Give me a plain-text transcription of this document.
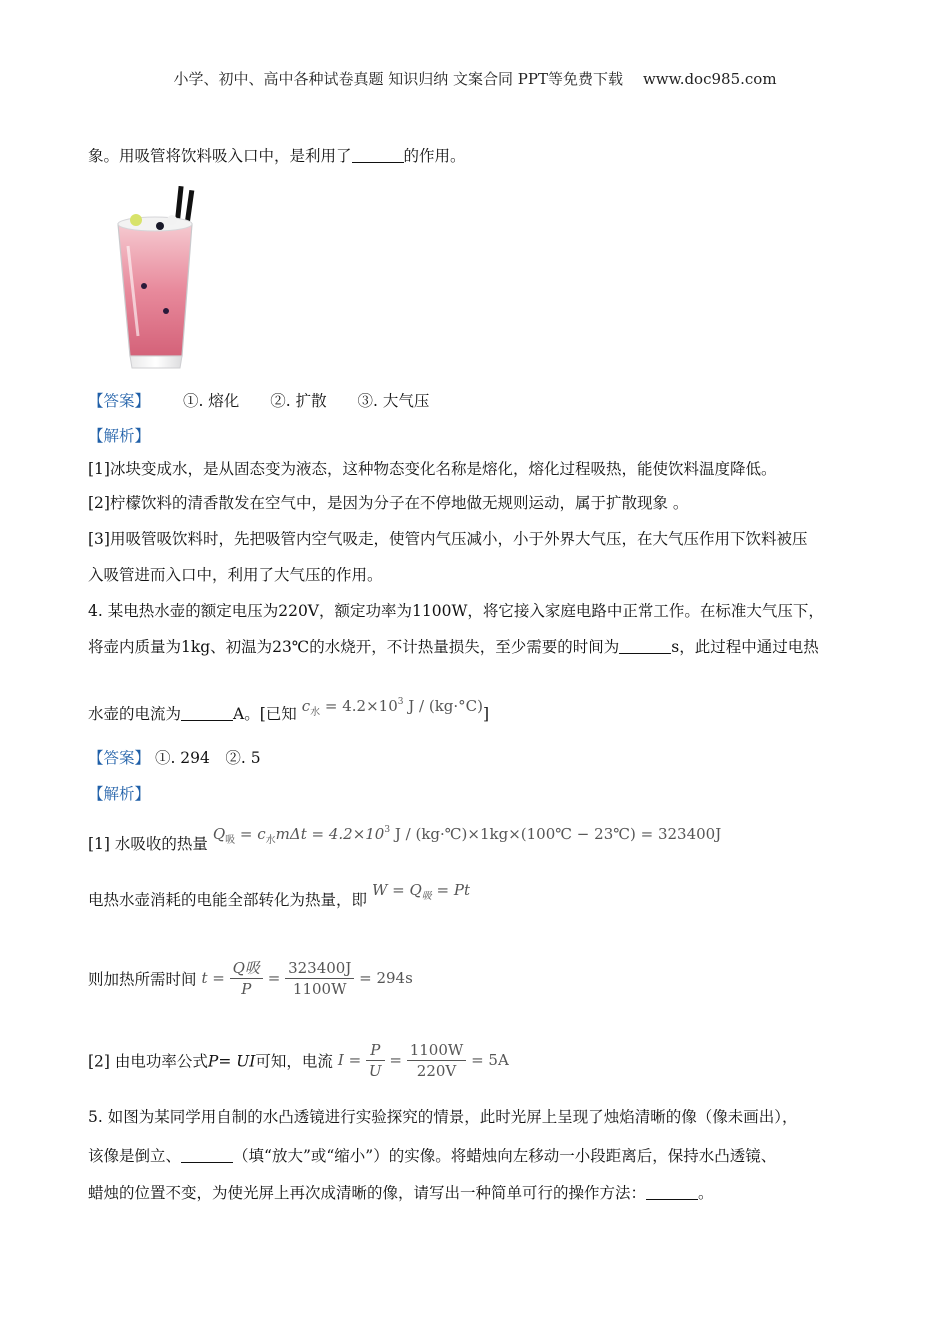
小学、初中、高中各种试卷真题 知识归纳 文案合同 PPT等免费下载 www.doc985.com
象。用吸管将饮料吸入口中，是利用了	的作用。
【答案】 ①. 熔化 ②. 扩散 ③. 大气压
【解析】
[1]冰块变成水，是从固态变为液态，这种物态变化名称是熔化，熔化过程吸热，能使饮料温度降低。
[2]柠檬饮料的清香散发在空气中，是因为分子在不停地做无规则运动，属于扩散现象 。
[3]用吸管吸饮料时，先把吸管内空气吸走，使管内气压减小，小于外界大气压，在大气压作用下饮料被压
入吸管进而入口中，利用了大气压的作用。
4. 某电热水壶的额定电压为220V，额定功率为1100W，将它接入家庭电路中正常工作。在标准大气压下，
将壶内质量为1kg、初温为23℃的水烧开，不计热量损失，至少需要的时间为	s，此过程中通过电热
水壶的电流为	A。[已知 $c_水 = 4.2\times 10^3$ J / (kg·°C)]
【答案】 ①. 294　②. 5
【解析】
[1] 水吸收的热量 $Q_吸 = c_水m\Delta t = 4.2\times 10^3$ J / (kg·℃)×1kg×(100℃ − 23℃) = 323400J
电热水壶消耗的电能全部转化为热量，即 $W = Q_吸 = Pt$
则加热所需时间 $t = \frac{\text{Q吸}}{P} = \frac{323400J}{1100W} = 294s$
[2] 由电功率公式P= UI可知，电流 $I = \frac{P}{U} = \frac{1100W}{220V} = 5A$
5. 如图为某同学用自制的水凸透镜进行实验探究的情景，此时光屏上呈现了烛焰清晰的像（像未画出），
该像是倒立、	（填“放大”或“缩小”）的实像。将蜡烛向左移动一小段距离后，保持水凸透镜、
蜡烛的位置不变，为使光屏上再次成清晰的像，请写出一种简单可行的操作方法：	。
